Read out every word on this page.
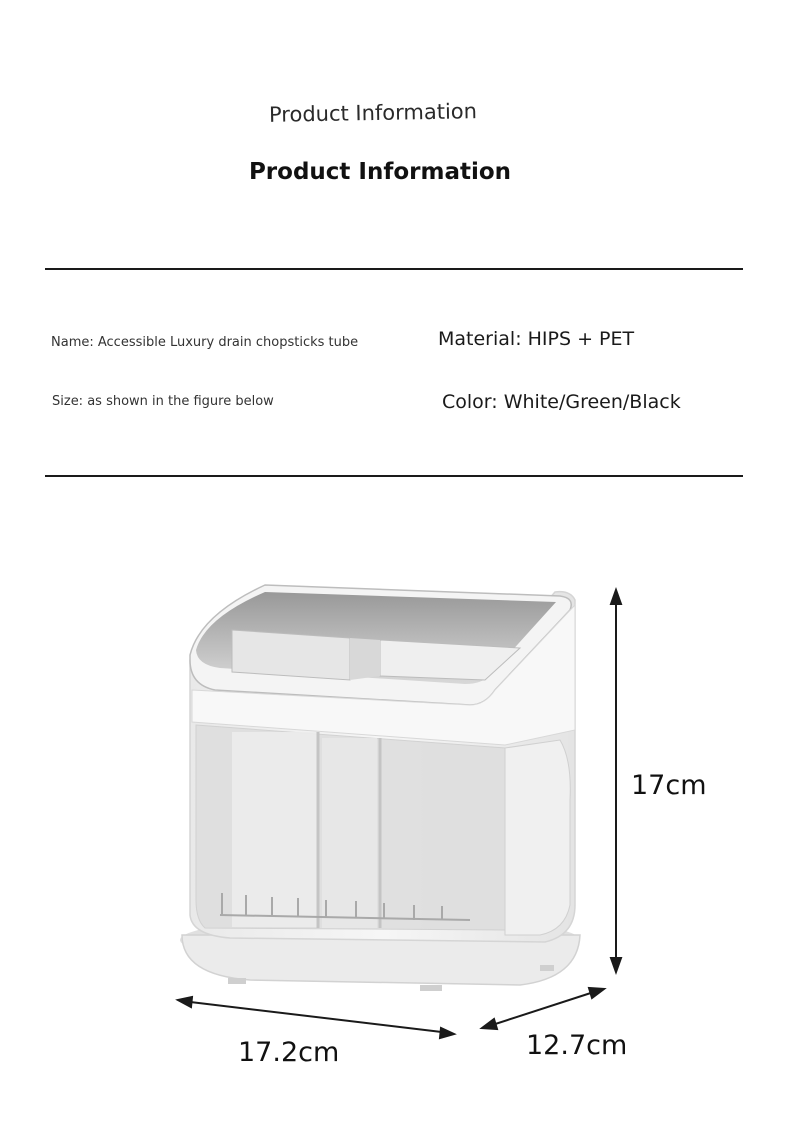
Product Information
Product Information
Name: Accessible Luxury drain chopsticks tube	Material: HIPS + PET
Size: as shown in the figure below	Color: White/Green/Black
17cm
17.2cm	12.7cm
